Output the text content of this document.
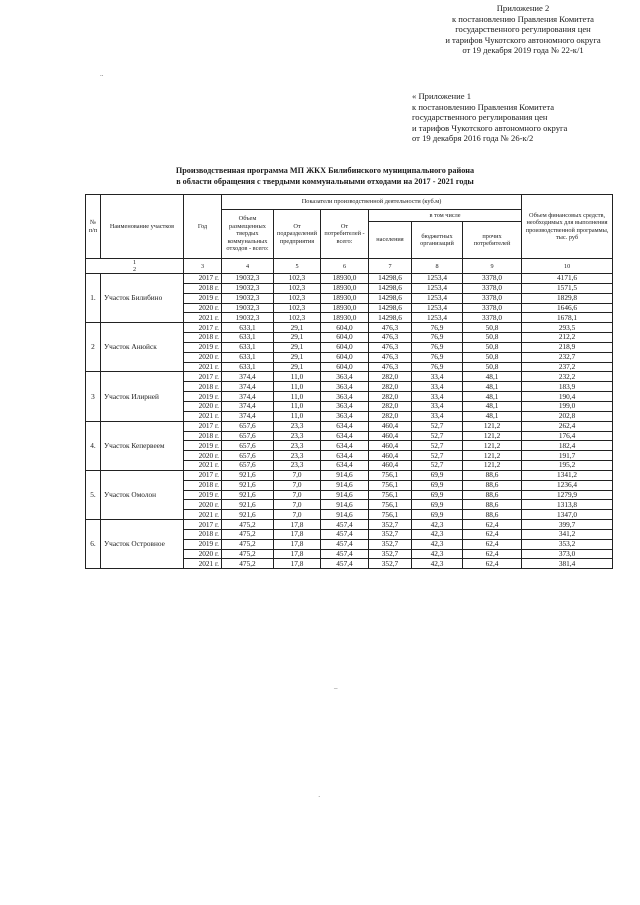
Приложение 2
к постановлению Правления Комитета
государственного регулирования цен
и тарифов Чукотского автономного округа
от 19 декабря 2019 года № 22-к/1
..
« Приложение 1
к постановлению Правления Комитета
государственного регулирования цен
и тарифов Чукотского автономного округа
от 19 декабря 2016 года № 26-к/2
Производственная программа МП ЖКХ Билибинского муниципального района
в области обращения с твердыми коммунальными отходами на 2017 - 2021 годы
№ п/п	Наименование участков	Год	Показатели производственной деятельности (куб.м)						Объем финансовых средств, необходимых для выполнения производственной программы, тыс. руб
			Объем размещенных твердых коммунальных отходов - всего:	От подразделений предприятия	От потребителей - всего:	в том числе			
						населения	бюджетных организаций	прочих потребителей	
1 2		3	4	5	6	7	8	9	10
1.	Участок Билибино	2017 г.	19032,3	102,3	18930,0	14298,6	1253,4	3378,0	4171,6
		2018 г.	19032,3	102,3	18930,0	14298,6	1253,4	3378,0	1571,5
		2019 г.	19032,3	102,3	18930,0	14298,6	1253,4	3378,0	1829,8
		2020 г.	19032,3	102,3	18930,0	14298,6	1253,4	3378,0	1646,6
		2021 г.	19032,3	102,3	18930,0	14298,6	1253,4	3378,0	1678,1
2	Участок Анюйск	2017 г.	633,1	29,1	604,0	476,3	76,9	50,8	293,5
		2018 г.	633,1	29,1	604,0	476,3	76,9	50,8	212,2
		2019 г.	633,1	29,1	604,0	476,3	76,9	50,8	218,9
		2020 г.	633,1	29,1	604,0	476,3	76,9	50,8	232,7
		2021 г.	633,1	29,1	604,0	476,3	76,9	50,8	237,2
3	Участок Илирней	2017 г.	374,4	11,0	363,4	282,0	33,4	48,1	232,2
		2018 г.	374,4	11,0	363,4	282,0	33,4	48,1	183,9
		2019 г.	374,4	11,0	363,4	282,0	33,4	48,1	190,4
		2020 г.	374,4	11,0	363,4	282,0	33,4	48,1	199,0
		2021 г.	374,4	11,0	363,4	282,0	33,4	48,1	202,8
4.	Участок Кепервеем	2017 г.	657,6	23,3	634,4	460,4	52,7	121,2	262,4
		2018 г.	657,6	23,3	634,4	460,4	52,7	121,2	176,4
		2019 г.	657,6	23,3	634,4	460,4	52,7	121,2	182,4
		2020 г.	657,6	23,3	634,4	460,4	52,7	121,2	191,7
		2021 г.	657,6	23,3	634,4	460,4	52,7	121,2	195,2
5.	Участок Омолон	2017 г.	921,6	7,0	914,6	756,1	69,9	88,6	1341,2
		2018 г.	921,6	7,0	914,6	756,1	69,9	88,6	1236,4
		2019 г.	921,6	7,0	914,6	756,1	69,9	88,6	1279,9
		2020 г.	921,6	7,0	914,6	756,1	69,9	88,6	1313,8
		2021 г.	921,6	7,0	914,6	756,1	69,9	88,6	1347,0
6.	Участок Островное	2017 г.	475,2	17,8	457,4	352,7	42,3	62,4	399,7
		2018 г.	475,2	17,8	457,4	352,7	42,3	62,4	341,2
		2019 г.	475,2	17,8	457,4	352,7	42,3	62,4	353,2
		2020 г.	475,2	17,8	457,4	352,7	42,3	62,4	373,0
		2021 г.	475,2	17,8	457,4	352,7	42,3	62,4	381,4
–
·
